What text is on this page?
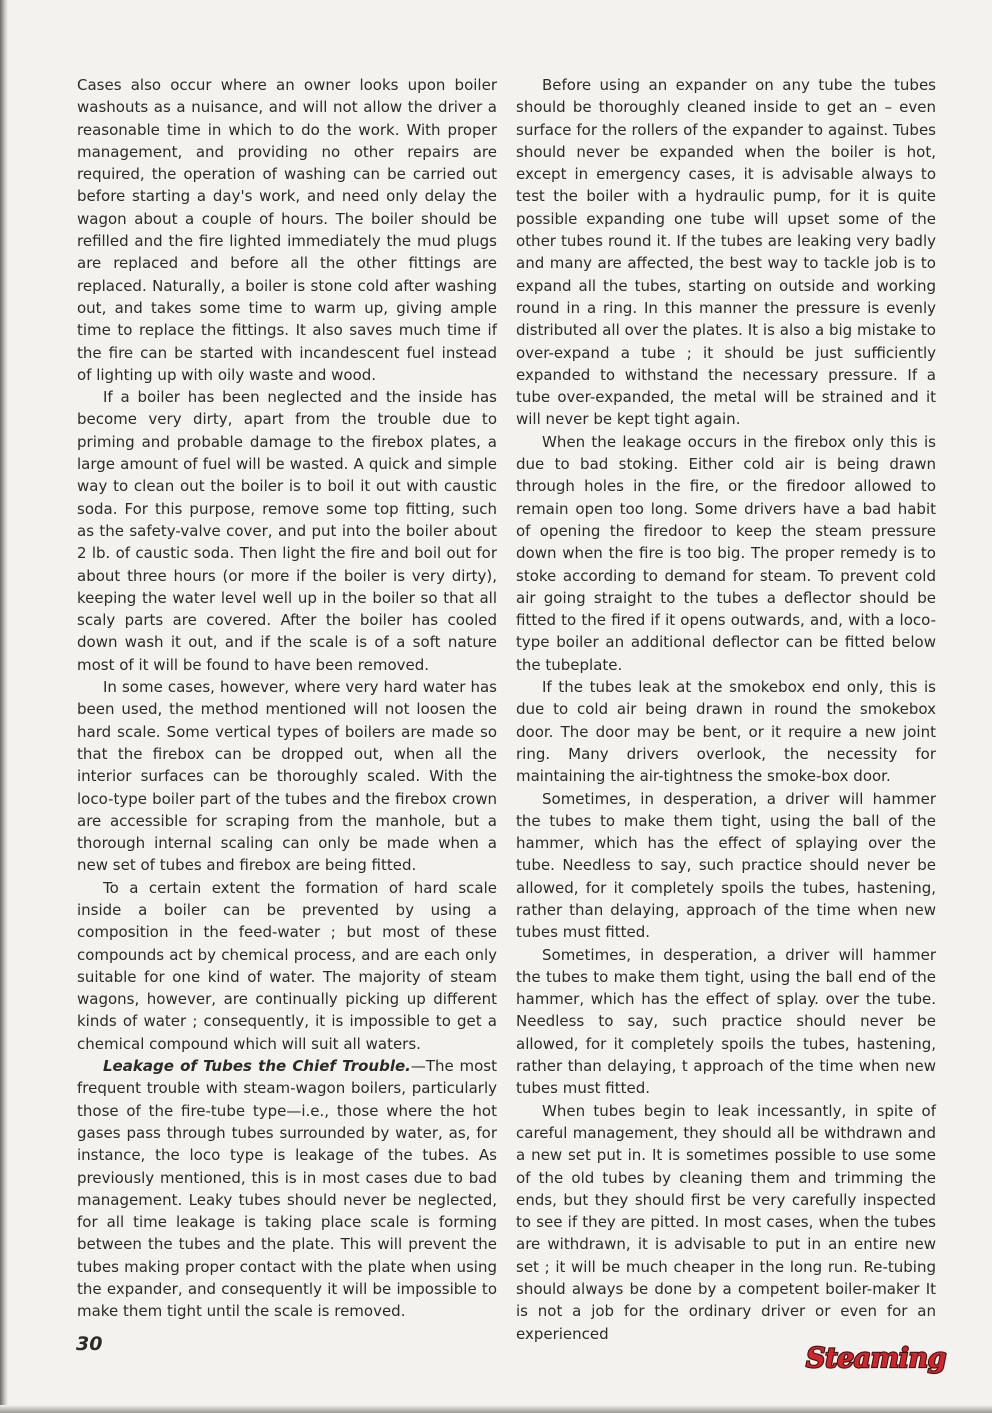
Cases also occur where an owner looks upon boiler washouts as a nuisance, and will not allow the driver a reasonable time in which to do the work. With proper management, and providing no other repairs are required, the operation of washing can be carried out before starting a day's work, and need only delay the wagon about a couple of hours. The boiler should be refilled and the fire lighted immediately the mud plugs are replaced and before all the other fittings are replaced. Naturally, a boiler is stone cold after washing out, and takes some time to warm up, giving ample time to replace the fittings. It also saves much time if the fire can be started with incandescent fuel instead of lighting up with oily waste and wood.

If a boiler has been neglected and the inside has become very dirty, apart from the trouble due to priming and probable damage to the firebox plates, a large amount of fuel will be wasted. A quick and simple way to clean out the boiler is to boil it out with caustic soda. For this purpose, remove some top fitting, such as the safety-valve cover, and put into the boiler about 2 lb. of caustic soda. Then light the fire and boil out for about three hours (or more if the boiler is very dirty), keeping the water level well up in the boiler so that all scaly parts are covered. After the boiler has cooled down wash it out, and if the scale is of a soft nature most of it will be found to have been removed.

In some cases, however, where very hard water has been used, the method mentioned will not loosen the hard scale. Some vertical types of boilers are made so that the firebox can be dropped out, when all the interior surfaces can be thoroughly scaled. With the loco-type boiler part of the tubes and the firebox crown are accessible for scraping from the manhole, but a thorough internal scaling can only be made when a new set of tubes and firebox are being fitted.

To a certain extent the formation of hard scale inside a boiler can be prevented by using a composition in the feed-water ; but most of these compounds act by chemical process, and are each only suitable for one kind of water. The majority of steam wagons, however, are continually picking up different kinds of water ; consequently, it is impossible to get a chemical compound which will suit all waters.

Leakage of Tubes the Chief Trouble.—The most frequent trouble with steam-wagon boilers, particularly those of the fire-tube type—i.e., those where the hot gases pass through tubes surrounded by water, as, for instance, the loco type is leakage of the tubes. As previously mentioned, this is in most cases due to bad management. Leaky tubes should never be neglected, for all time leakage is taking place scale is forming between the tubes and the plate. This will prevent the tubes making proper contact with the plate when using the expander, and consequently it will be impossible to make them tight until the scale is removed.

Before using an expander on any tube the tubes should be thoroughly cleaned inside to get an – even surface for the rollers of the expander to against. Tubes should never be expanded when the boiler is hot, except in emergency cases, it is advisable always to test the boiler with a hydraulic pump, for it is quite possible expanding one tube will upset some of the other tubes round it. If the tubes are leaking very badly and many are affected, the best way to tackle job is to expand all the tubes, starting on outside and working round in a ring. In this manner the pressure is evenly distributed all over the plates. It is also a big mistake to over-expand a tube ; it should be just sufficiently expanded to withstand the necessary pressure. If a tube over-expanded, the metal will be strained and it will never be kept tight again.

When the leakage occurs in the firebox only this is due to bad stoking. Either cold air is being drawn through holes in the fire, or the firedoor allowed to remain open too long. Some drivers have a bad habit of opening the firedoor to keep the steam pressure down when the fire is too big. The proper remedy is to stoke according to demand for steam. To prevent cold air going straight to the tubes a deflector should be fitted to the fired if it opens outwards, and, with a loco-type boiler an additional deflector can be fitted below the tubeplate.

If the tubes leak at the smokebox end only, this is due to cold air being drawn in round the smokebox door. The door may be bent, or it require a new joint ring. Many drivers overlook, the necessity for maintaining the air-tightness the smoke-box door.

Sometimes, in desperation, a driver will hammer the tubes to make them tight, using the ball of the hammer, which has the effect of splaying over the tube. Needless to say, such practice should never be allowed, for it completely spoils the tubes, hastening, rather than delaying, approach of the time when new tubes must fitted.

Sometimes, in desperation, a driver will hammer the tubes to make them tight, using the ball end of the hammer, which has the effect of splay. over the tube. Needless to say, such practice should never be allowed, for it completely spoils the tubes, hastening, rather than delaying, t approach of the time when new tubes must fitted.

When tubes begin to leak incessantly, in spite of careful management, they should all be withdrawn and a new set put in. It is sometimes possible to use some of the old tubes by cleaning them and trimming the ends, but they should first be very carefully inspected to see if they are pitted. In most cases, when the tubes are withdrawn, it is advisable to put in an entire new set ; it will be much cheaper in the long run. Re-tubing should always be done by a competent boiler-maker It is not a job for the ordinary driver or even for an experienced

30	Steaming
